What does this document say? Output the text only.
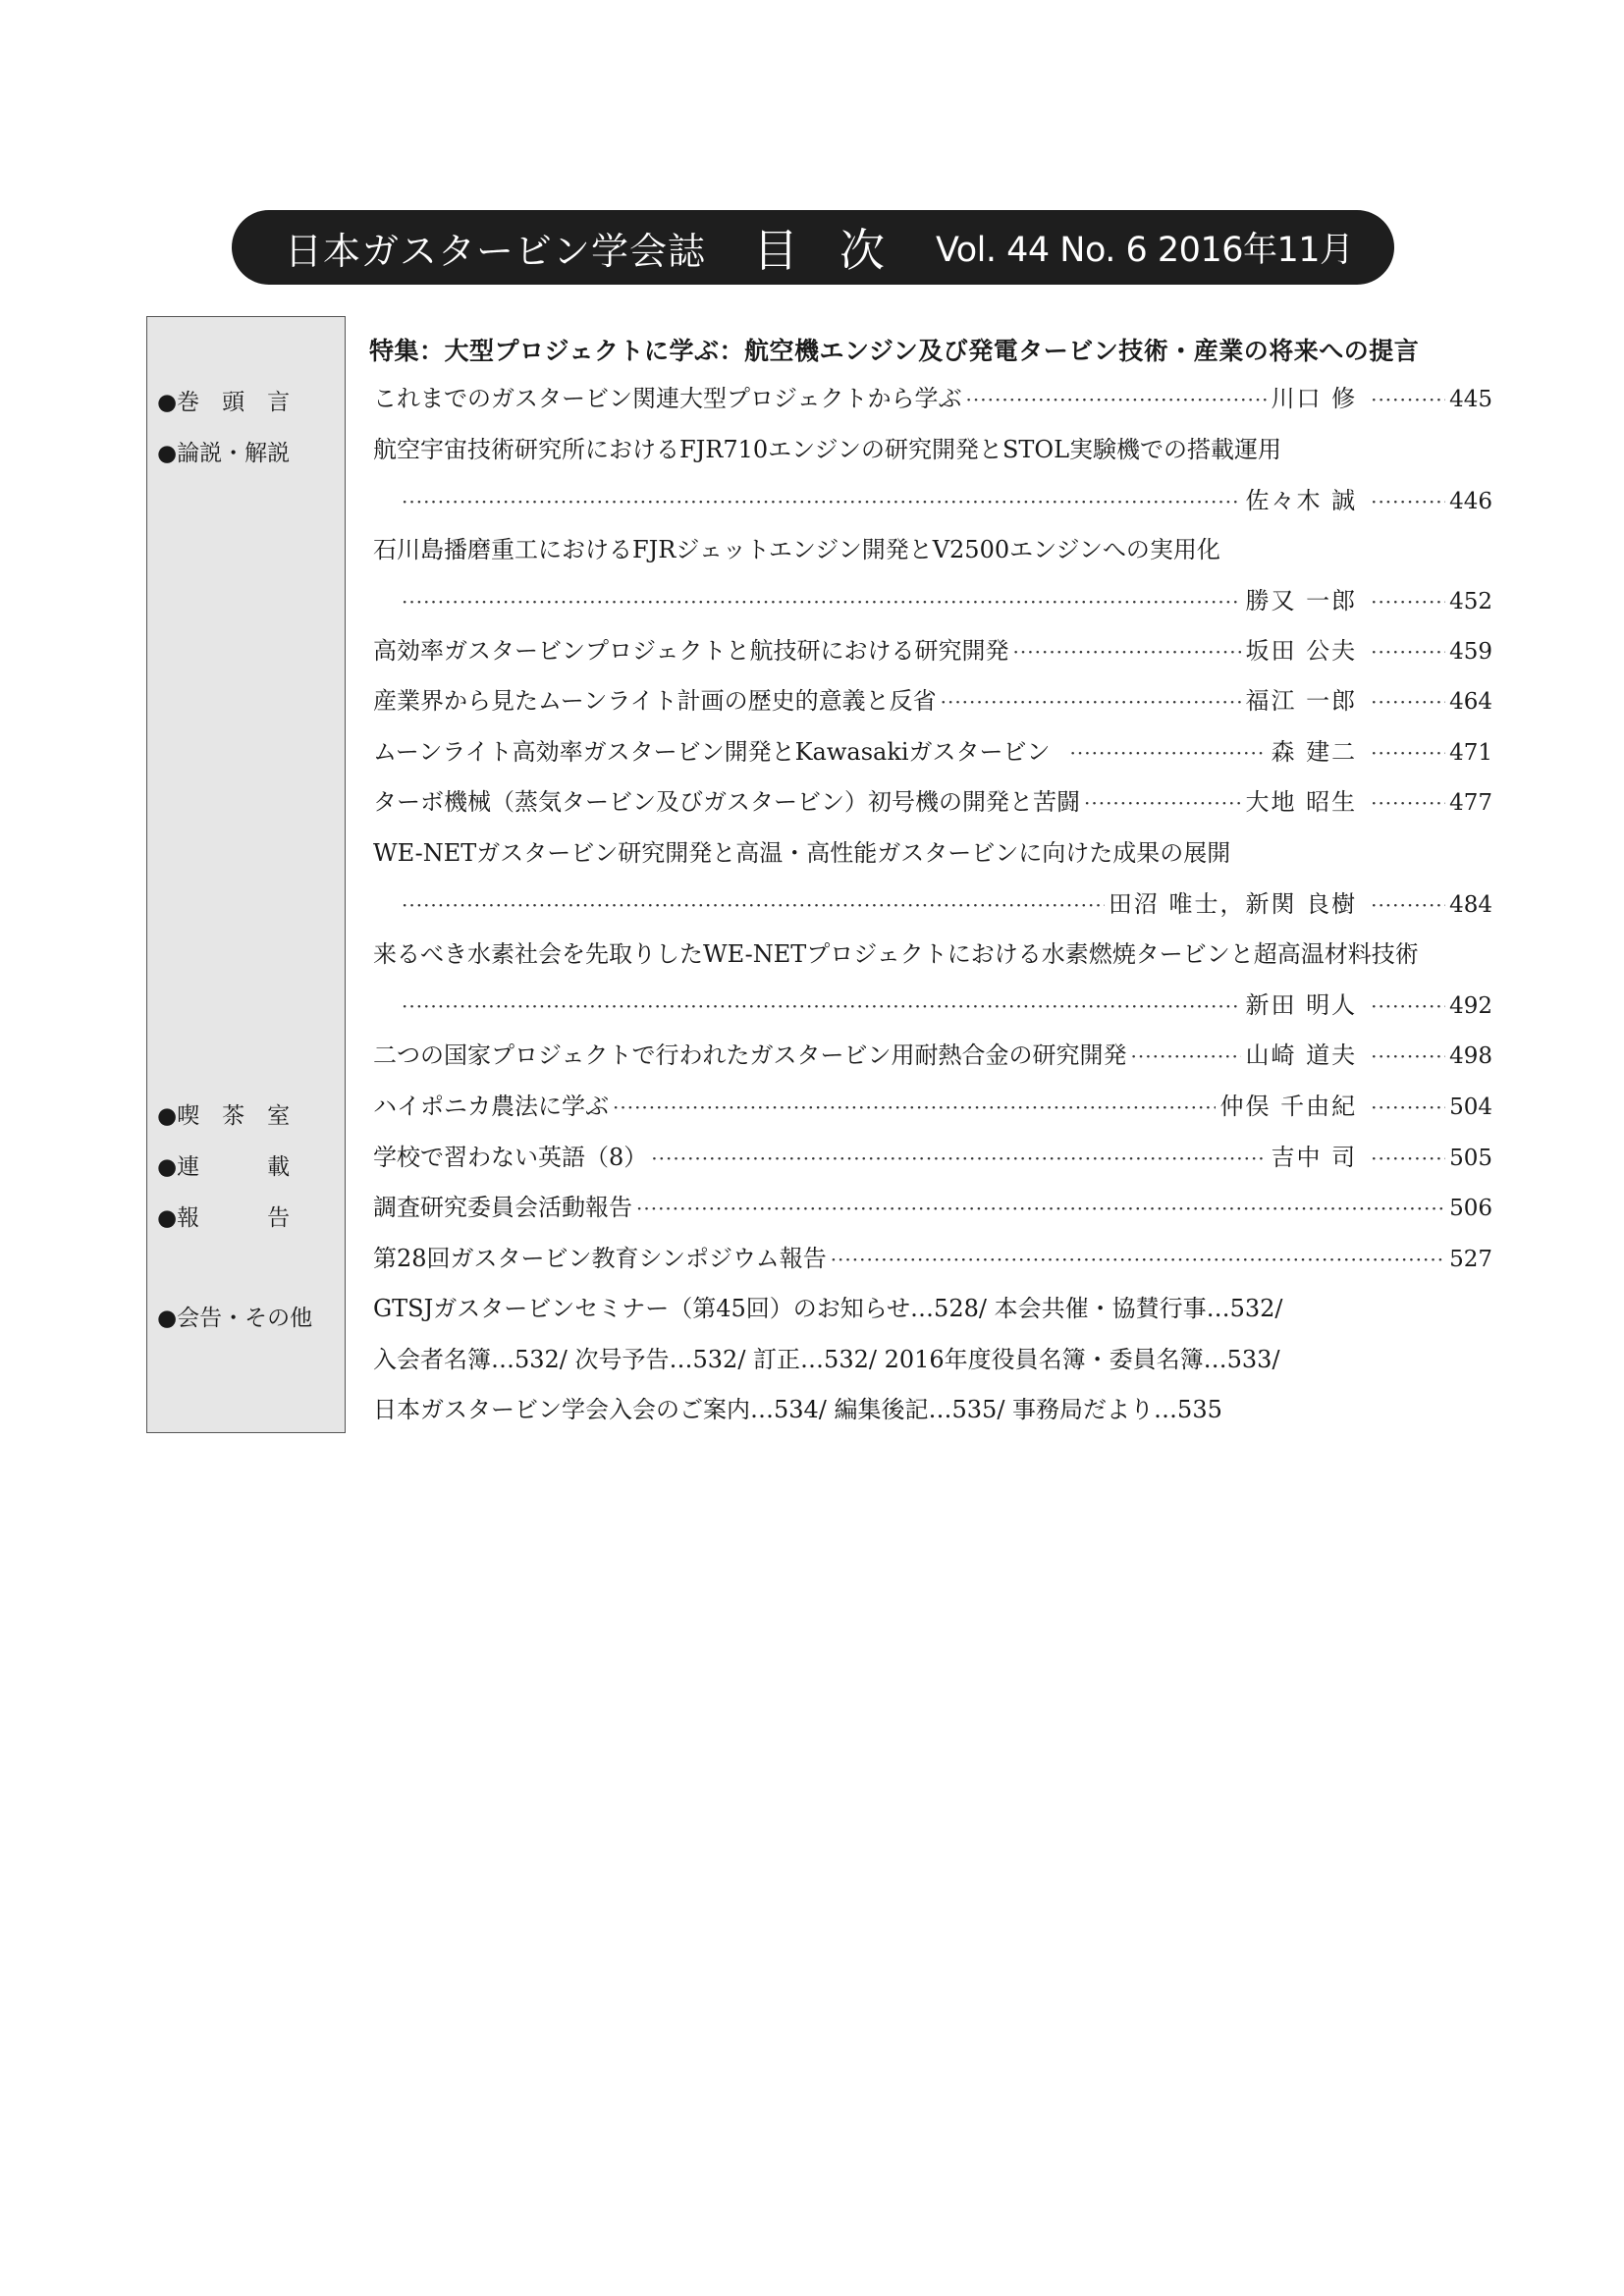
日本ガスタービン学会誌 目 次 Vol. 44 No. 6 2016年11月
特集：大型プロジェクトに学ぶ：航空機エンジン及び発電タービン技術・産業の将来への提言
●巻　頭　言
●論説・解説
●喫　茶　室
●連　　　載
●報　　　告
●会告・その他
これまでのガスタービン関連大型プロジェクトから学ぶ ·····	川口 修 ·····	445
航空宇宙技術研究所におけるFJR710エンジンの研究開発とSTOL実験機での搭載運用
·····
佐々木 誠 ·····	446
石川島播磨重工におけるFJRジェットエンジン開発とV2500エンジンへの実用化
·····
勝又 一郎 ·····	452
高効率ガスタービンプロジェクトと航技研における研究開発 ·····	坂田 公夫 ·····	459
産業界から見たムーンライト計画の歴史的意義と反省 ·····	福江 一郎 ·····	464
ムーンライト高効率ガスタービン開発とKawasakiガスタービン ·····	森 建二 ·····	471
ターボ機械（蒸気タービン及びガスタービン）初号機の開発と苦闘 ·····	大地 昭生 ·····	477
WE-NETガスタービン研究開発と高温・高性能ガスタービンに向けた成果の展開
·····
田沼 唯士，新関 良樹 ·····	484
来るべき水素社会を先取りしたWE-NETプロジェクトにおける水素燃焼タービンと超高温材料技術
·····
新田 明人 ·····	492
二つの国家プロジェクトで行われたガスタービン用耐熱合金の研究開発 ·····	山崎 道夫 ·····	498
ハイポニカ農法に学ぶ ·····	仲俣 千由紀 ·····	504
学校で習わない英語（8） ·····	吉中 司 ·····	505
調査研究委員会活動報告 ·····	506
第28回ガスタービン教育シンポジウム報告 ·····	527
GTSJガスタービンセミナー（第45回）のお知らせ…528/ 本会共催・協賛行事…532/
入会者名簿…532/ 次号予告…532/ 訂正…532/ 2016年度役員名簿・委員名簿…533/
日本ガスタービン学会入会のご案内…534/ 編集後記…535/ 事務局だより…535
